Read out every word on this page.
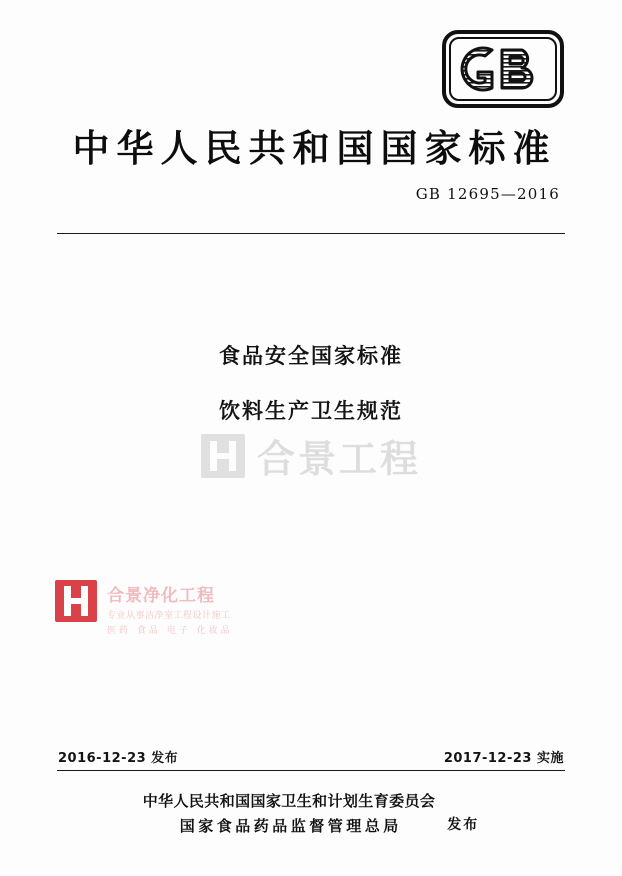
中华人民共和国国家标准
GB 12695—2016
食品安全国家标准
饮料生产卫生规范
合景工程
合景净化工程
专业从事洁净室工程设计施工
医药 食品 电子 化妆品
2016-12-23 发布	2017-12-23 实施
中华人民共和国国家卫生和计划生育委员会
国家食品药品监督管理总局	发布
